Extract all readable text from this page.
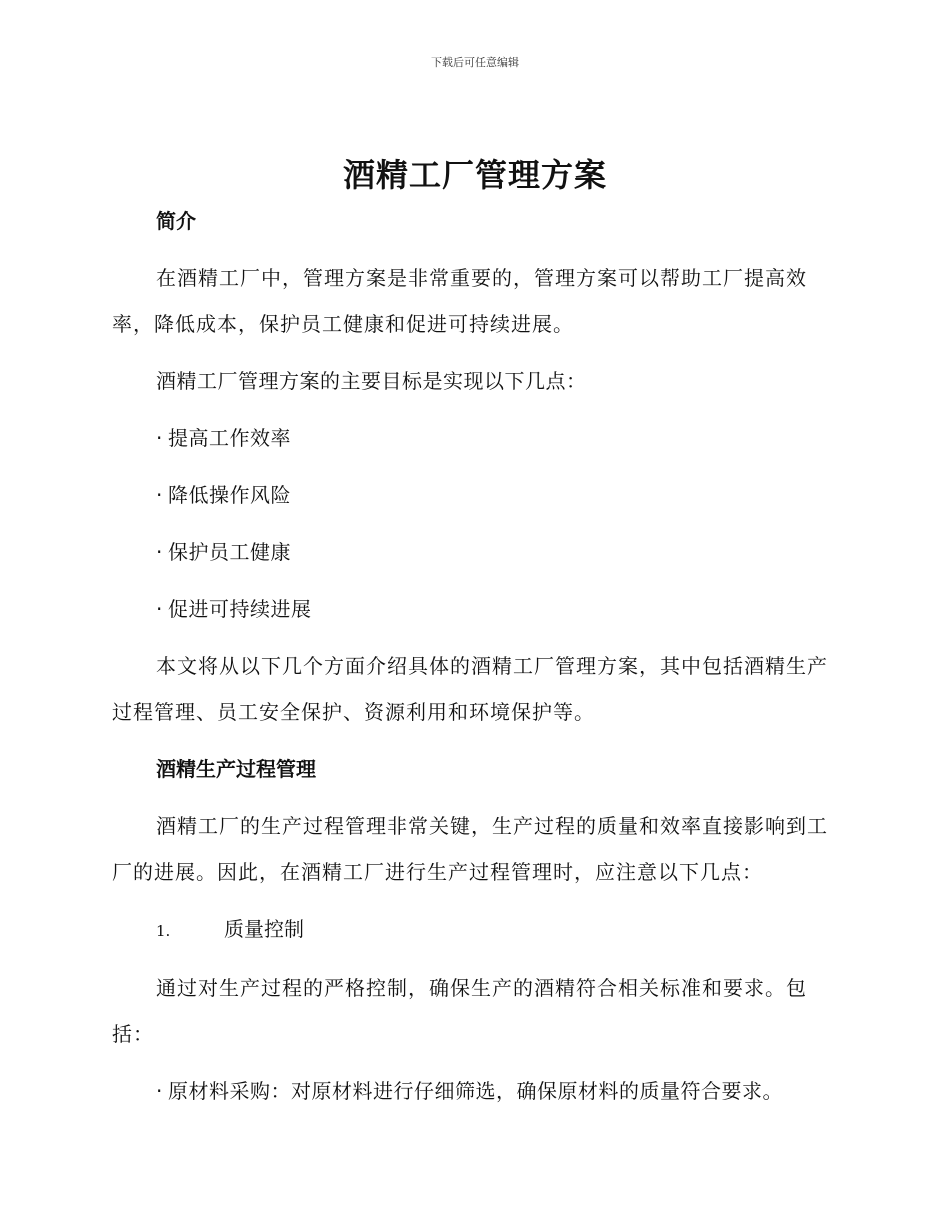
下载后可任意编辑
酒精工厂管理方案
简介

在酒精工厂中，管理方案是非常重要的，管理方案可以帮助工厂提高效率，降低成本，保护员工健康和促进可持续进展。

酒精工厂管理方案的主要目标是实现以下几点：

· 提高工作效率
· 降低操作风险
· 保护员工健康
· 促进可持续进展

本文将从以下几个方面介绍具体的酒精工厂管理方案，其中包括酒精生产过程管理、员工安全保护、资源利用和环境保护等。

酒精生产过程管理

酒精工厂的生产过程管理非常关键，生产过程的质量和效率直接影响到工厂的进展。因此，在酒精工厂进行生产过程管理时，应注意以下几点：

1.	质量控制

通过对生产过程的严格控制，确保生产的酒精符合相关标准和要求。包括：

· 原材料采购：对原材料进行仔细筛选，确保原材料的质量符合要求。
